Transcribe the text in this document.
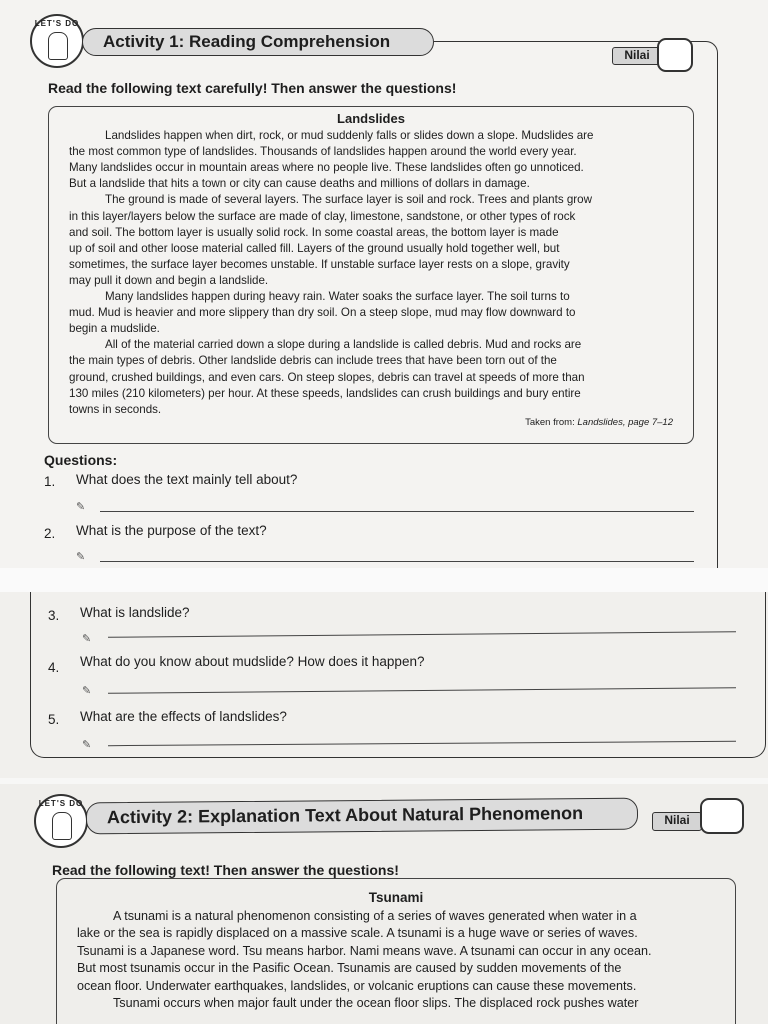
LET'S DO
Activity 1: Reading Comprehension
Nilai
Read the following text carefully! Then answer the questions!
Landslides
Landslides happen when dirt, rock, or mud suddenly falls or slides down a slope. Mudslides are
the most common type of landslides. Thousands of landslides happen around the world every year.
Many landslides occur in mountain areas where no people live. These landslides often go unnoticed.
But a landslide that hits a town or city can cause deaths and millions of dollars in damage.
The ground is made of several layers. The surface layer is soil and rock. Trees and plants grow
in this layer/layers below the surface are made of clay, limestone, sandstone, or other types of rock
and soil. The bottom layer is usually solid rock. In some coastal areas, the bottom layer is made
up of soil and other loose material called fill. Layers of the ground usually hold together well, but
sometimes, the surface layer becomes unstable. If unstable surface layer rests on a slope, gravity
may pull it down and begin a landslide.
Many landslides happen during heavy rain. Water soaks the surface layer. The soil turns to
mud. Mud is heavier and more slippery than dry soil. On a steep slope, mud may flow downward to
begin a mudslide.
All of the material carried down a slope during a landslide is called debris. Mud and rocks are
the main types of debris. Other landslide debris can include trees that have been torn out of the
ground, crushed buildings, and even cars. On steep slopes, debris can travel at speeds of more than
130 miles (210 kilometers) per hour. At these speeds, landslides can crush buildings and bury entire
towns in seconds.
Taken from: Landslides, page 7–12
Questions:
1. What does the text mainly tell about?
✎
2. What is the purpose of the text?
✎
3. What is landslide?
✎
4. What do you know about mudslide? How does it happen?
✎
5. What are the effects of landslides?
✎
LET'S DO	Activity 2: Explanation Text About Natural Phenomenon	Nilai
Read the following text! Then answer the questions!
Tsunami
A tsunami is a natural phenomenon consisting of a series of waves generated when water in a
lake or the sea is rapidly displaced on a massive scale. A tsunami is a huge wave or series of waves.
Tsunami is a Japanese word. Tsu means harbor. Nami means wave. A tsunami can occur in any ocean.
But most tsunamis occur in the Pasific Ocean. Tsunamis are caused by sudden movements of the
ocean floor. Underwater earthquakes, landslides, or volcanic eruptions can cause these movements.
Tsunami occurs when major fault under the ocean floor slips. The displaced rock pushes water
